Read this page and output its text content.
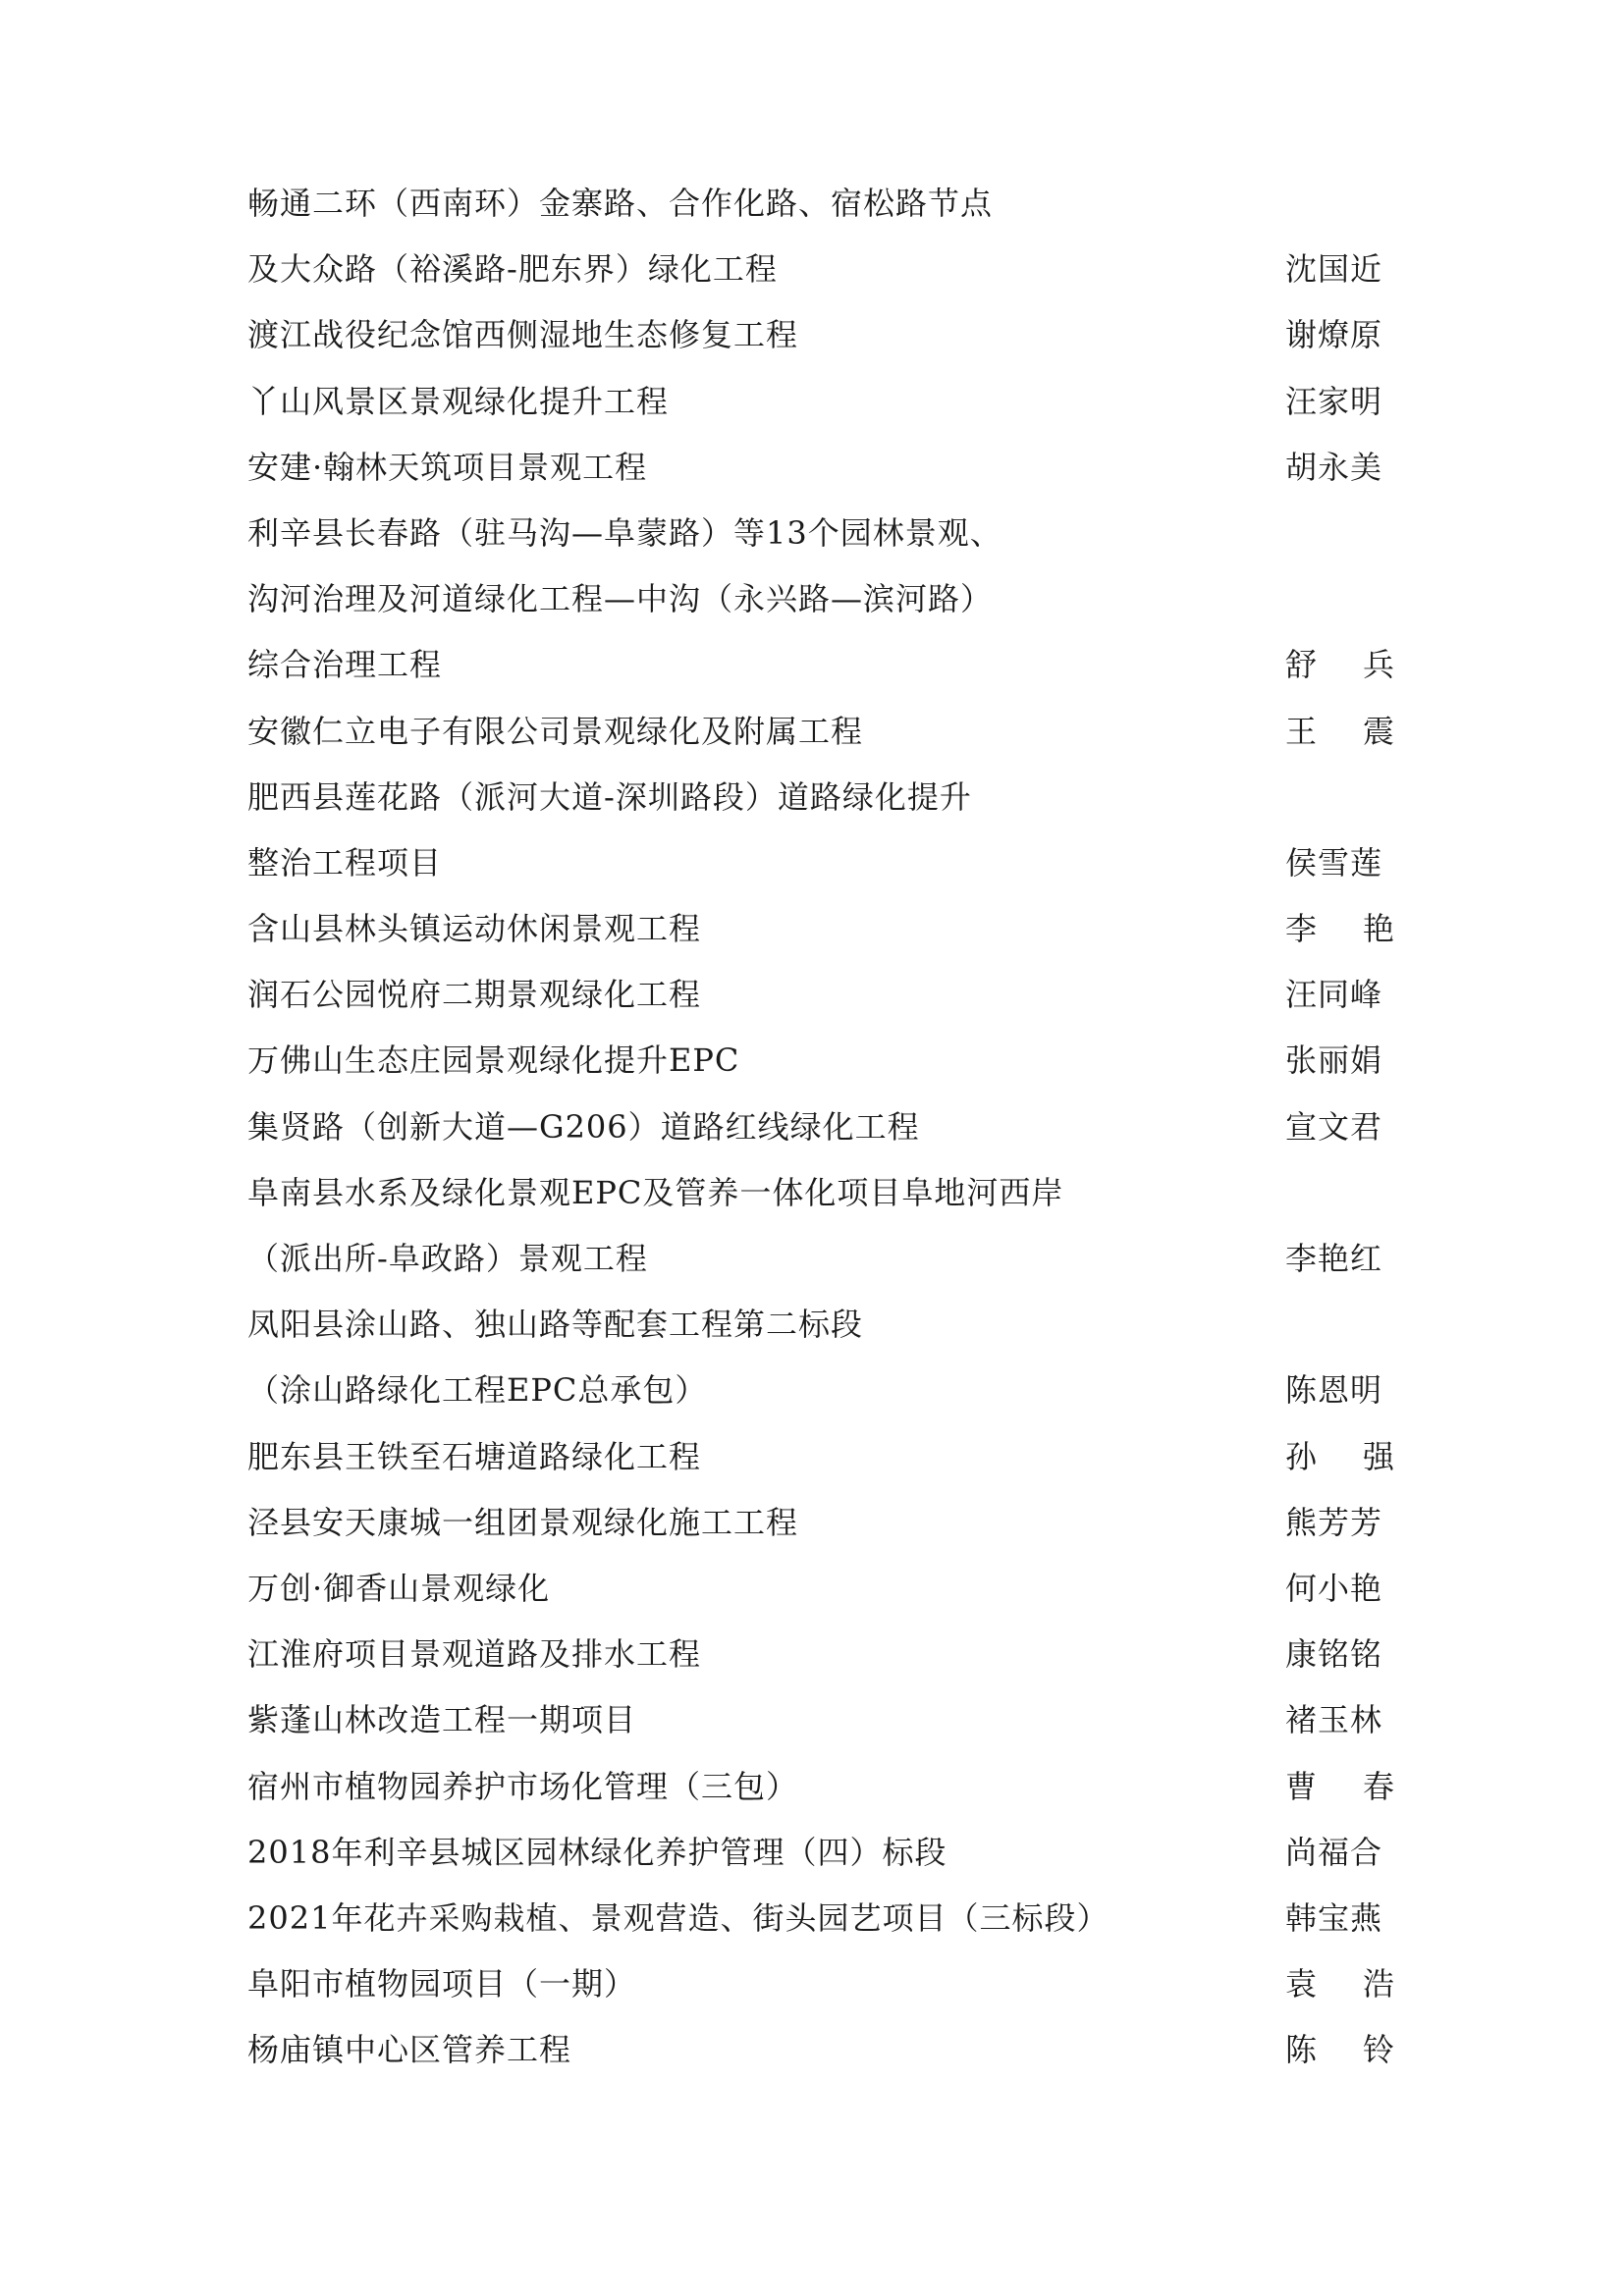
畅通二环（西南环）金寨路、合作化路、宿松路节点
及大众路（裕溪路-肥东界）绿化工程	沈国近
渡江战役纪念馆西侧湿地生态修复工程	谢燎原
丫山风景区景观绿化提升工程	汪家明
安建·翰林天筑项目景观工程	胡永美
利辛县长春路（驻马沟—阜蒙路）等13个园林景观、
沟河治理及河道绿化工程—中沟（永兴路—滨河路）
综合治理工程	舒兵
安徽仁立电子有限公司景观绿化及附属工程	王震
肥西县莲花路（派河大道-深圳路段）道路绿化提升
整治工程项目	侯雪莲
含山县林头镇运动休闲景观工程	李艳
润石公园悦府二期景观绿化工程	汪同峰
万佛山生态庄园景观绿化提升EPC	张丽娟
集贤路（创新大道—G206）道路红线绿化工程	宣文君
阜南县水系及绿化景观EPC及管养一体化项目阜地河西岸
（派出所-阜政路）景观工程	李艳红
凤阳县涂山路、独山路等配套工程第二标段
（涂山路绿化工程EPC总承包）	陈恩明
肥东县王铁至石塘道路绿化工程	孙强
泾县安天康城一组团景观绿化施工工程	熊芳芳
万创·御香山景观绿化	何小艳
江淮府项目景观道路及排水工程	康铭铭
紫蓬山林改造工程一期项目	褚玉林
宿州市植物园养护市场化管理（三包）	曹春
2018年利辛县城区园林绿化养护管理（四）标段	尚福合
2021年花卉采购栽植、景观营造、街头园艺项目（三标段）	韩宝燕
阜阳市植物园项目（一期）	袁浩
杨庙镇中心区管养工程	陈铃
